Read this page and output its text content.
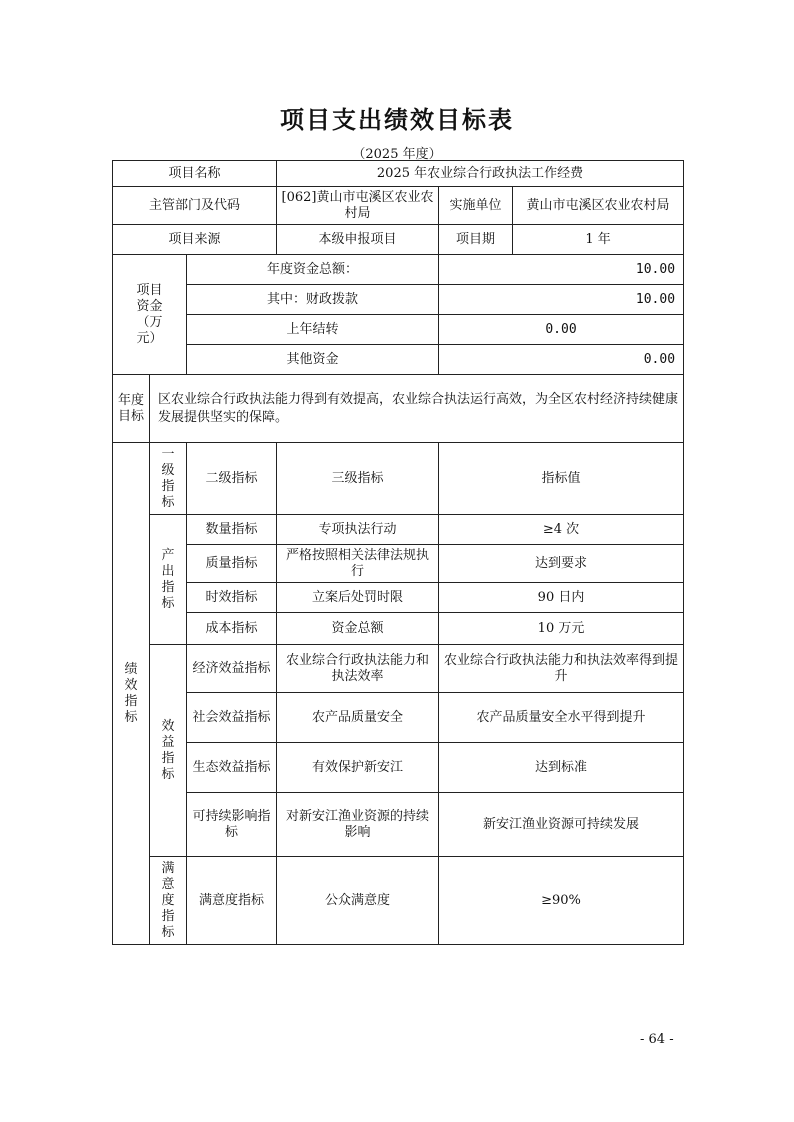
项目支出绩效目标表
（2025 年度）
项目名称			2025 年农业综合行政执法工作经费		
主管部门及代码			[062]黄山市屯溪区农业农村局	实施单位	黄山市屯溪区农业农村局
项目来源			本级申报项目	项目期	1 年
项目资金（万元）		年度资金总额：		10.00	
		其中：财政拨款		10.00	
		上年结转		0.00	
		其他资金		0.00	
年度目标	区农业综合行政执法能力得到有效提高，农业综合执法运行高效，为全区农村经济持续健康发展提供坚实的保障。				
绩效指标	一级指标	二级指标	三级指标	指标值	
	产出指标	数量指标	专项执法行动	≥4 次	
		质量指标	严格按照相关法律法规执行	达到要求	
		时效指标	立案后处罚时限	90 日内	
		成本指标	资金总额	10 万元	
	效益指标	经济效益指标	农业综合行政执法能力和执法效率	农业综合行政执法能力和执法效率得到提升	
		社会效益指标	农产品质量安全	农产品质量安全水平得到提升	
		生态效益指标	有效保护新安江	达到标准	
		可持续影响指标	对新安江渔业资源的持续影响	新安江渔业资源可持续发展	
	满意度指标	满意度指标	公众满意度	≥90%	
- 64 -
